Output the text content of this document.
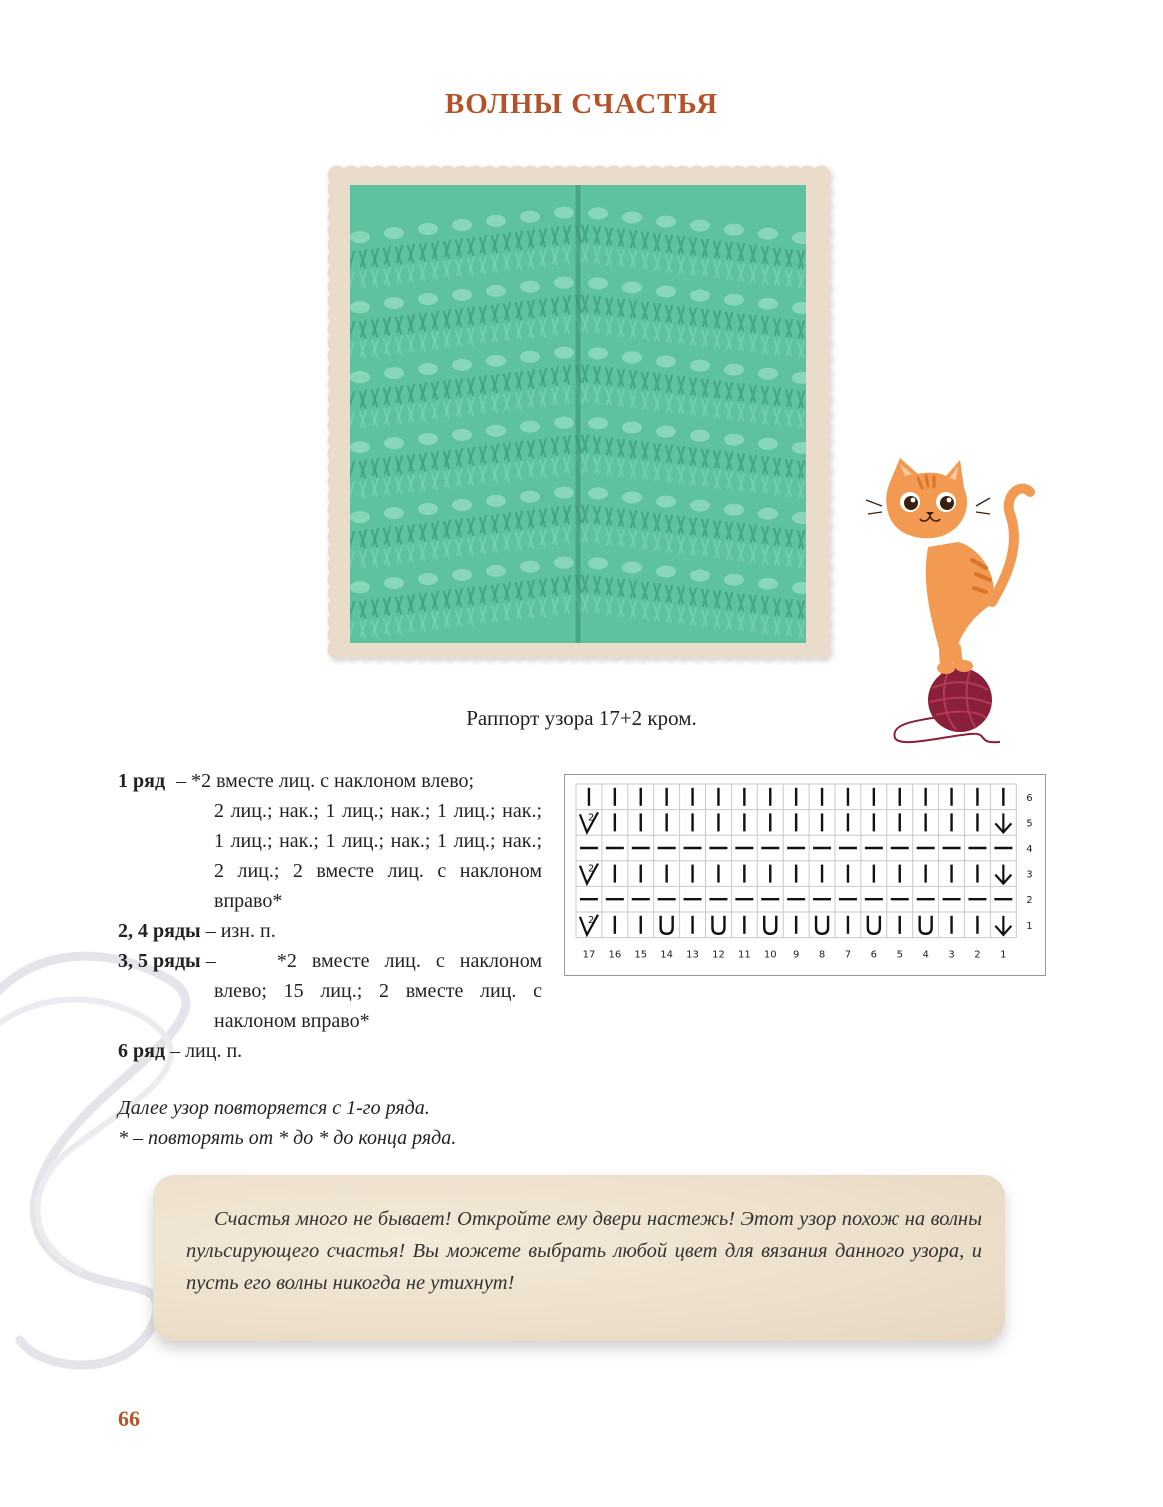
ВОЛНЫ СЧАСТЬЯ
Раппорт узора 17+2 кром.
1 ряд – *2 вместе лиц. с наклоном влево;
2 лиц.; нак.; 1 лиц.; нак.; 1 лиц.; нак.; 1 лиц.; нак.; 1 лиц.; нак.; 1 лиц.; нак.; 2 лиц.; 2 вместе лиц. с наклоном вправо*
2, 4 ряды – изн. п.
3, 5 ряды –	*2 вместе лиц. с наклоном
влево; 15 лиц.; 2 вместе лиц. с наклоном вправо*
6 ряд – лиц. п.
2
2
2
6
5
4
3
2
1
17 16 15 14 13 12 11 10 9 8 7 6 5 4 3 2 1
Далее узор повторяется с 1-го ряда.
* – повторять от * до * до конца ряда.
Счастья много не бывает! Откройте ему двери настежь! Этот узор похож на волны пульсирующего счастья! Вы можете выбрать любой цвет для вязания данного узора, и пусть его волны никогда не утихнут!
66
